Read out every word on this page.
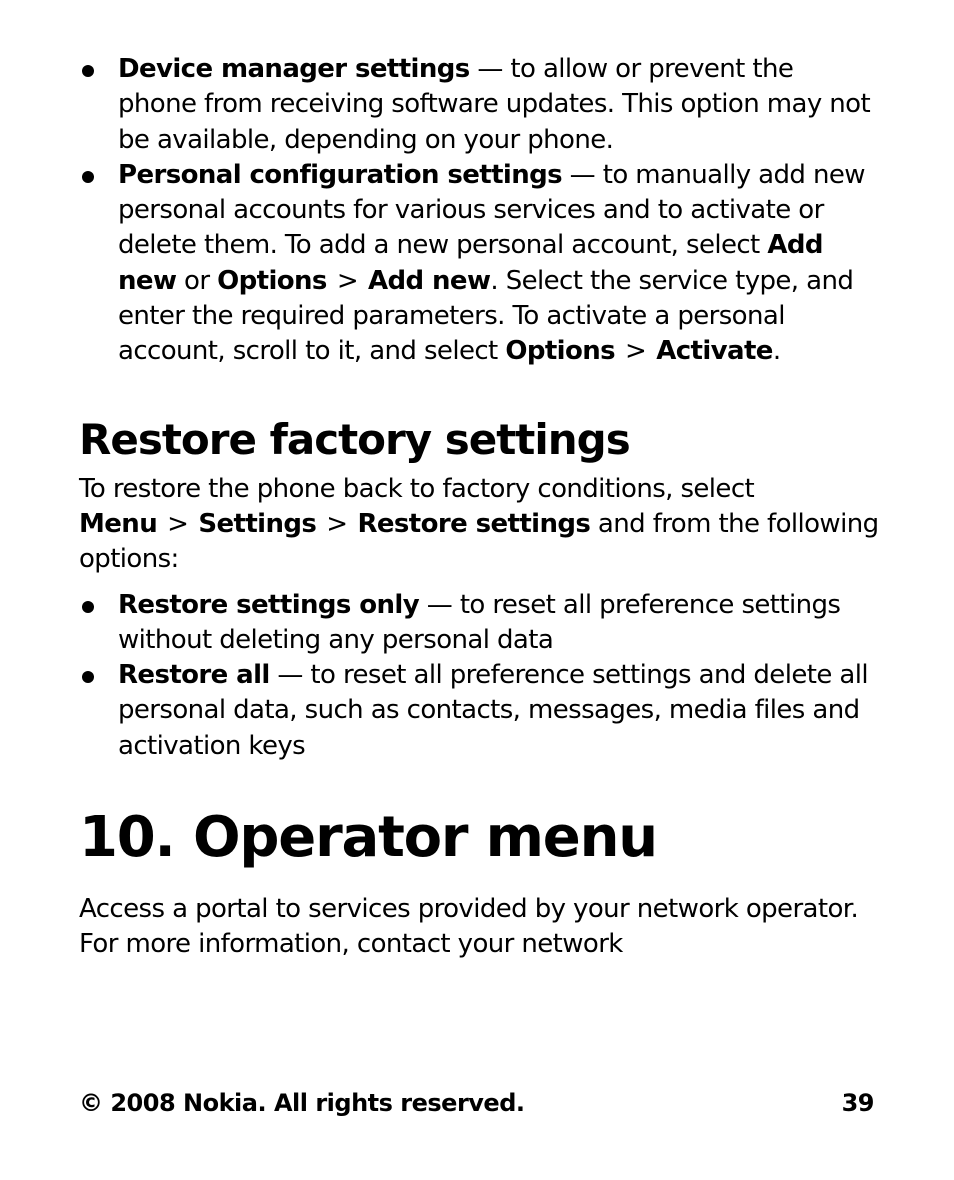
Device manager settings — to allow or prevent the phone from receiving software updates. This option may not be available, depending on your phone.
Personal configuration settings — to manually add new personal accounts for various services and to activate or delete them. To add a new personal account, select Add new or Options > Add new. Select the service type, and enter the required parameters. To activate a personal account, scroll to it, and select Options > Activate.
Restore factory settings

To restore the phone back to factory conditions, select Menu > Settings > Restore settings and from the following options:

Restore settings only — to reset all preference settings without deleting any personal data
Restore all — to reset all preference settings and delete all personal data, such as contacts, messages, media files and activation keys
10. Operator menu

Access a portal to services provided by your network operator. For more information, contact your network

© 2008 Nokia. All rights reserved.	39
